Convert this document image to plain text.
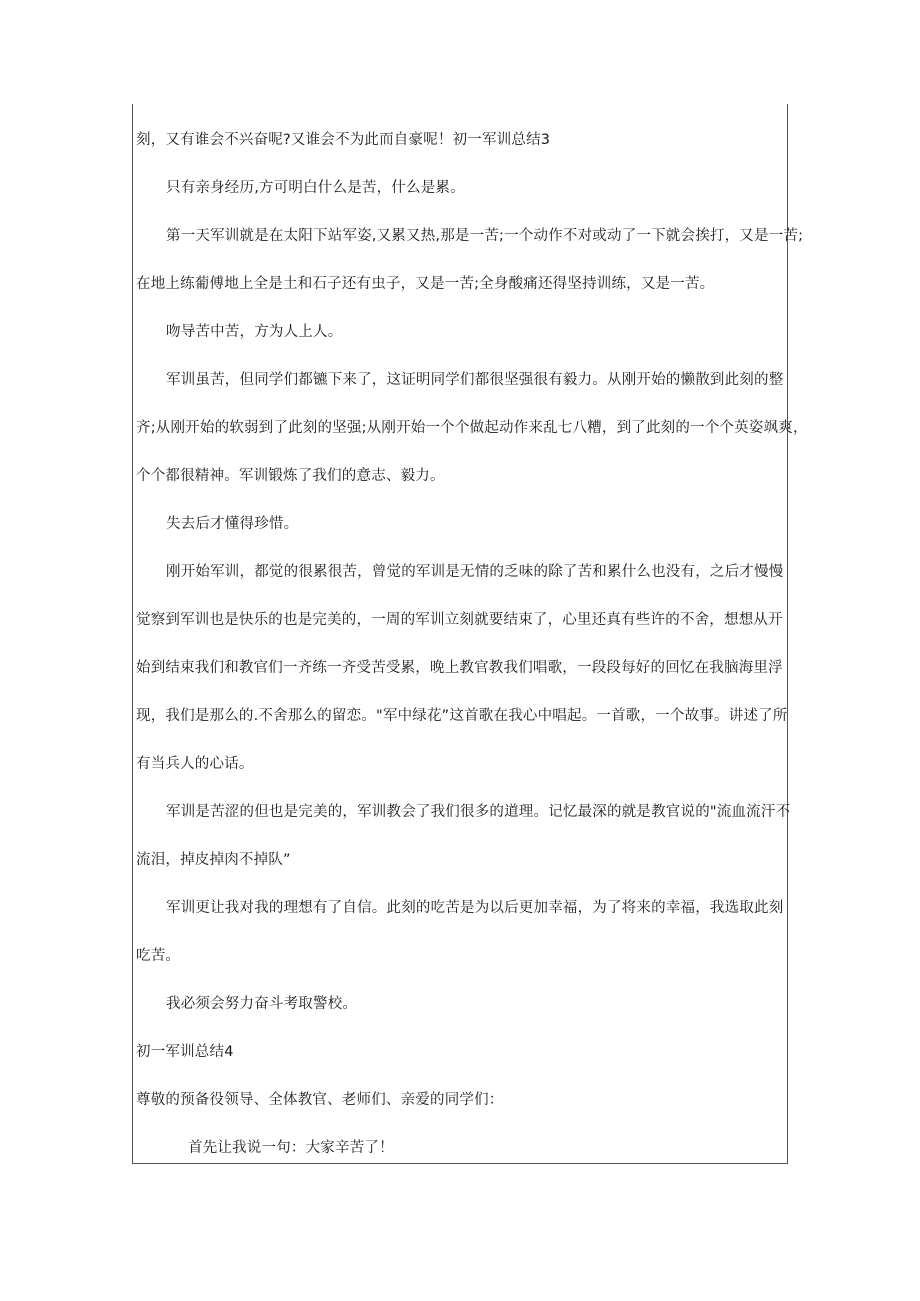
刻，又有谁会不兴奋呢?又谁会不为此而自豪呢！初一军训总结3
只有亲身经历,方可明白什么是苦，什么是累。
第一天军训就是在太阳下站军姿,又累又热,那是一苦;一个动作不对或动了一下就会挨打，又是一苦;
在地上练葡傅地上全是土和石子还有虫子，又是一苦;全身酸痛还得坚持训练，又是一苦。
吻导苦中苦，方为人上人。
军训虽苦，但同学们都镳下来了，这证明同学们都很坚强很有毅力。从刚开始的懒散到此刻的整
齐;从刚开始的软弱到了此刻的坚强;从刚开始一个个做起动作来乱七八糟，到了此刻的一个个英姿飒爽，
个个都很精神。军训锻炼了我们的意志、毅力。
失去后才懂得珍惜。
刚开始军训，都觉的很累很苦，曾觉的军训是无情的乏味的除了苦和累什么也没有，之后才慢慢
觉察到军训也是快乐的也是完美的，一周的军训立刻就要结束了，心里还真有些许的不舍，想想从开
始到结束我们和教官们一齐练一齐受苦受累，晚上教官教我们唱歌，一段段每好的回忆在我脑海里浮
现，我们是那么的.不舍那么的留恋。"军中绿花”这首歌在我心中唱起。一首歌，一个故事。讲述了所
有当兵人的心话。
军训是苦涩的但也是完美的，军训教会了我们很多的道理。记忆最深的就是教官说的"流血流汗不
流泪，掉皮掉肉不掉队”
军训更让我对我的理想有了自信。此刻的吃苦是为以后更加幸福，为了将来的幸福，我选取此刻
吃苦。
我必须会努力奋斗考取警校。
初一军训总结4
尊敬的预备役领导、全体教官、老师们、亲爱的同学们：
首先让我说一句：大家辛苦了！
